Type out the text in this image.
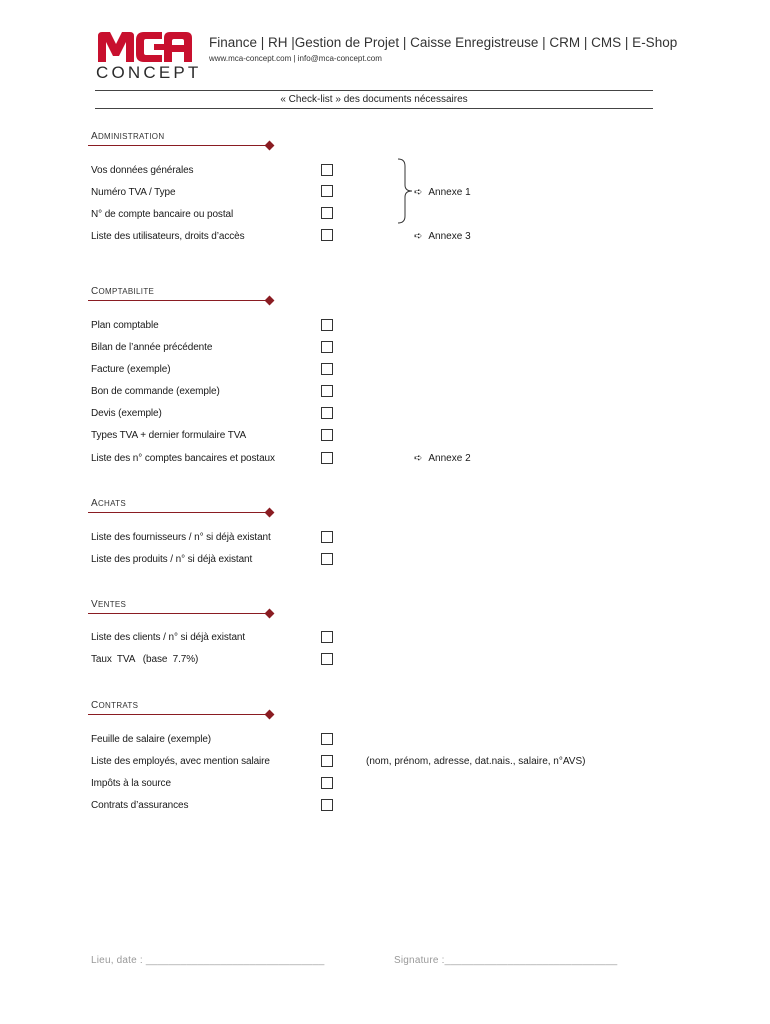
CONCEPT
Finance | RH |Gestion de Projet | Caisse Enregistreuse | CRM | CMS | E-Shop
www.mca-concept.com | info@mca-concept.com
« Check-list » des documents nécessaires
ADMINISTRATION
Vos données générales
Numéro TVA / Type
N° de compte bancaire ou postal
Liste des utilisateurs, droits d’accès
➪ Annexe 1
➪ Annexe 3
COMPTABILITE
Plan comptable
Bilan de l’année précédente
Facture (exemple)
Bon de commande (exemple)
Devis (exemple)
Types TVA + dernier formulaire TVA
Liste des n° comptes bancaires et postaux	➪ Annexe 2
ACHATS
Liste des fournisseurs / n° si déjà existant
Liste des produits / n° si déjà existant
VENTES
Liste des clients / n° si déjà existant
Taux  TVA   (base  7.7%)
CONTRATS
Feuille de salaire (exemple)
Liste des employés, avec mention salaire
Impôts à la source
Contrats d’assurances
(nom, prénom, adresse, dat.nais., salaire, n°AVS)
Lieu, date : _______________________________	Signature :______________________________
